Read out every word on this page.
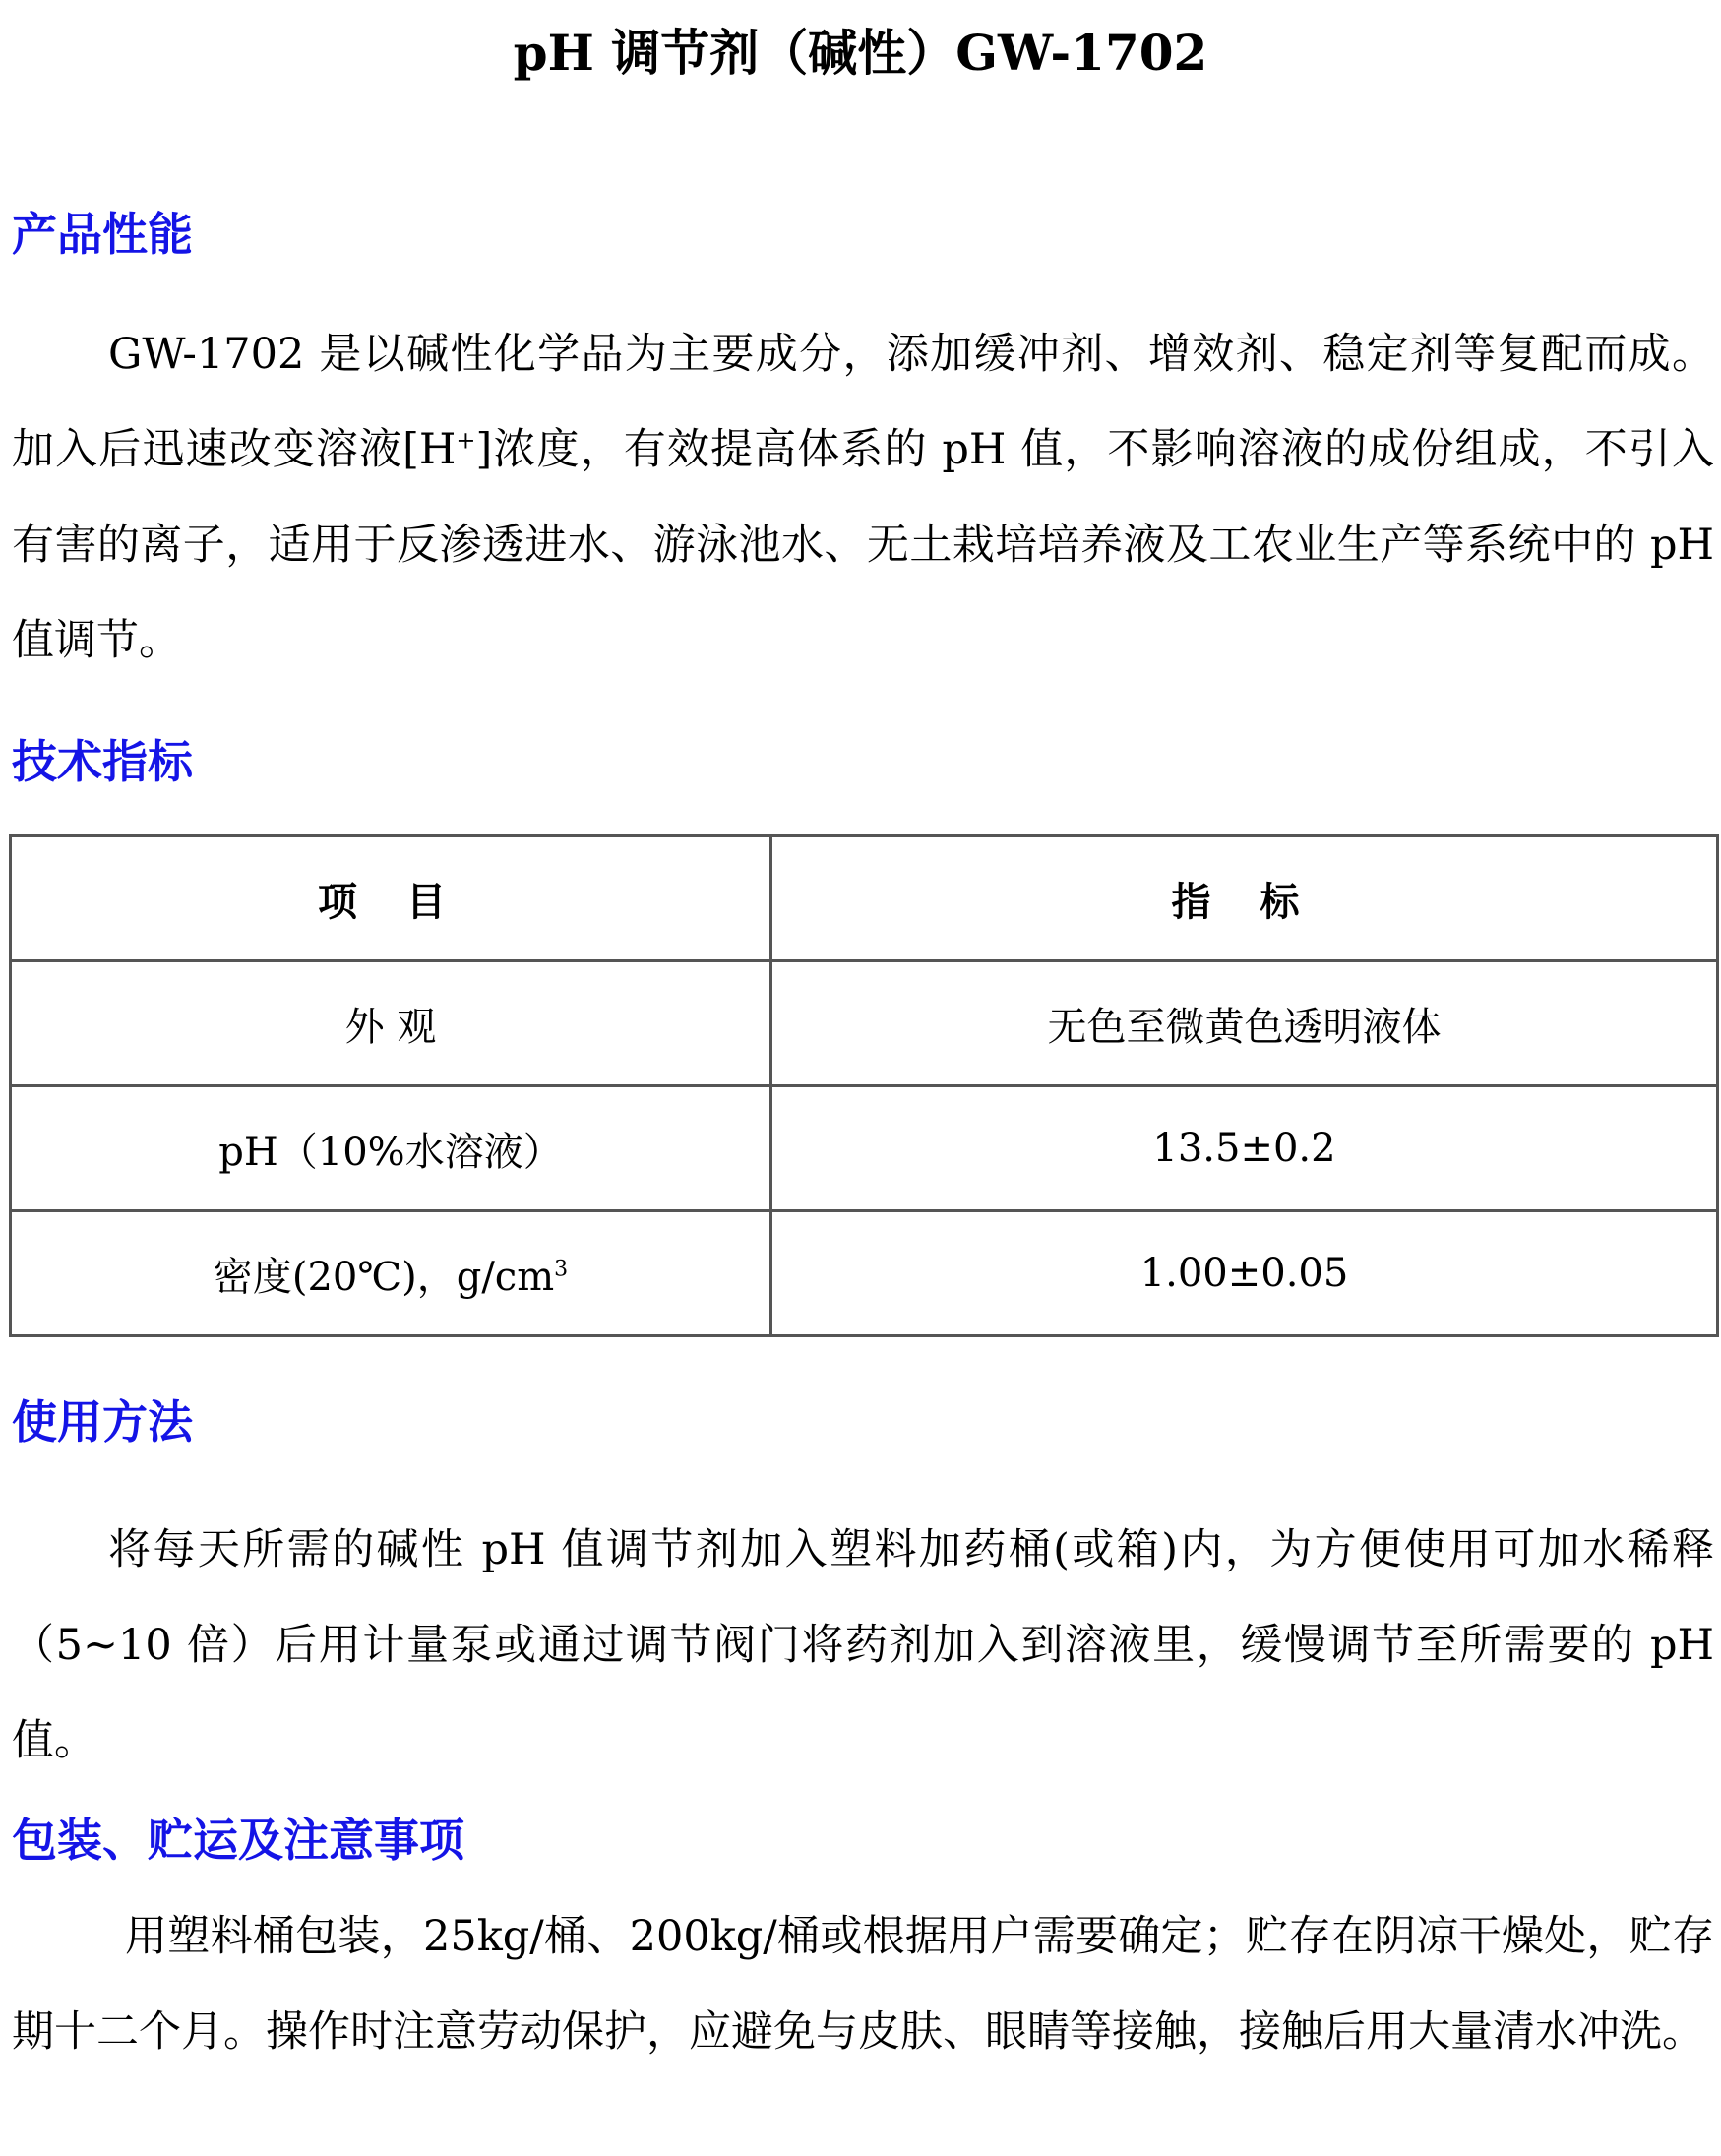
pH 调节剂（碱性）GW-1702
产品性能

GW-1702 是以碱性化学品为主要成分，添加缓冲剂、增效剂、稳定剂等复配而成。加入后迅速改变溶液[H+]浓度，有效提高体系的 pH 值，不影响溶液的成份组成，不引入有害的离子，适用于反渗透进水、游泳池水、无土栽培培养液及工农业生产等系统中的 pH 值调节。

技术指标
项 目	指 标
外 观	无色至微黄色透明液体
pH（10%水溶液）	13.5±0.2
密度(20℃)，$g/cm^3$	1.00±0.05
使用方法

将每天所需的碱性 pH 值调节剂加入塑料加药桶(或箱)内，为方便使用可加水稀释（5~10 倍）后用计量泵或通过调节阀门将药剂加入到溶液里，缓慢调节至所需要的 pH 值。

包装、贮运及注意事项

用塑料桶包装，25kg/桶、200kg/桶或根据用户需要确定；贮存在阴凉干燥处，贮存期十二个月。操作时注意劳动保护，应避免与皮肤、眼睛等接触，接触后用大量清水冲洗。
